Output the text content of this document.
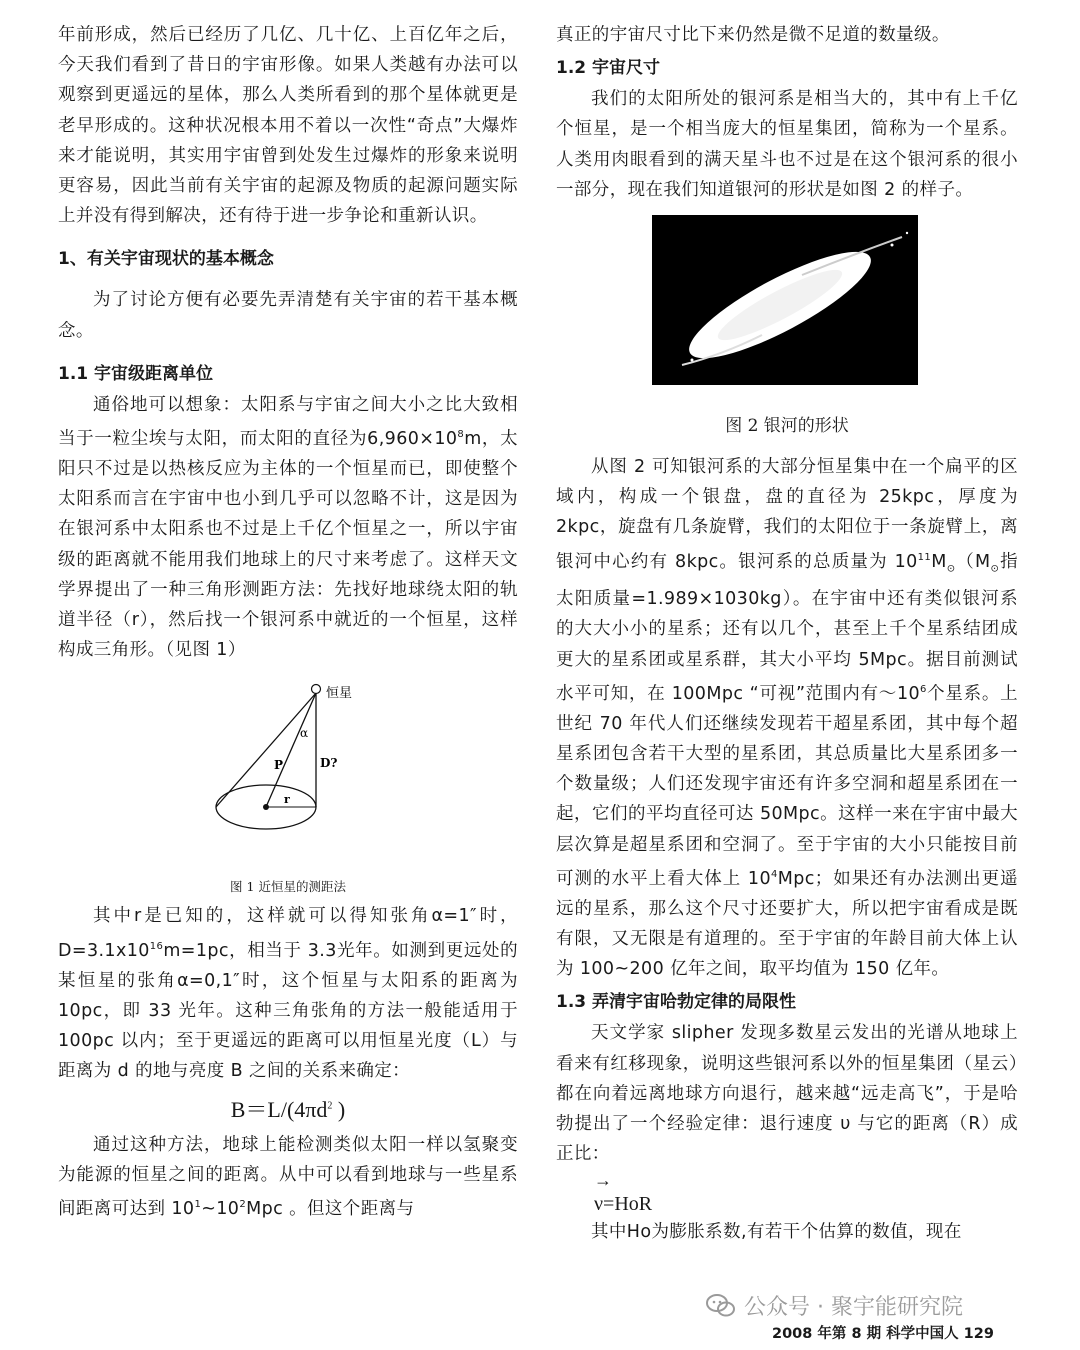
年前形成，然后已经历了几亿、几十亿、上百亿年之后，今天我们看到了昔日的宇宙形像。如果人类越有办法可以观察到更遥远的星体，那么人类所看到的那个星体就更是老早形成的。这种状况根本用不着以一次性“奇点”大爆炸来才能说明，其实用宇宙曾到处发生过爆炸的形象来说明更容易，因此当前有关宇宙的起源及物质的起源问题实际上并没有得到解决，还有待于进一步争论和重新认识。

1、有关宇宙现状的基本概念

为了讨论方便有必要先弄清楚有关宇宙的若干基本概念。

1.1 宇宙级距离单位

通俗地可以想象：太阳系与宇宙之间大小之比大致相当于一粒尘埃与太阳，而太阳的直径为$6,960\times 10^8m$，太阳只不过是以热核反应为主体的一个恒星而已，即使整个太阳系而言在宇宙中也小到几乎可以忽略不计，这是因为在银河系中太阳系也不过是上千亿个恒星之一，所以宇宙级的距离就不能用我们地球上的尺寸来考虑了。这样天文学界提出了一种三角形测距方法：先找好地球绕太阳的轨道半径（r），然后找一个银河系中就近的一个恒星，这样构成三角形。（见图 1）

恒星
α
P	D?
r
图 1 近恒星的测距法

其中r是已知的，这样就可以得知张角α=1″时，$D=3.1x10^{16}m=1pc$，相当于 3.3光年。如测到更远处的某恒星的张角α=0,1″时，这个恒星与太阳系的距离为 10pc，即 33 光年。这种三角张角的方法一般能适用于 100pc 以内；至于更遥远的距离可以用恒星光度（L）与距离为 d 的地与亮度 B 之间的关系来确定：

$B=L/(4\pi d^2$ )

通过这种方法，地球上能检测类似太阳一样以氢聚变为能源的恒星之间的距离。从中可以看到地球与一些星系间距离可达到 $10^1\sim 10^2Mpc$ 。但这个距离与

真正的宇宙尺寸比下来仍然是微不足道的数量级。

1.2 宇宙尺寸

我们的太阳所处的银河系是相当大的，其中有上千亿个恒星，是一个相当庞大的恒星集团，简称为一个星系。人类用肉眼看到的满天星斗也不过是在这个银河系的很小一部分，现在我们知道银河的形状是如图 2 的样子。

图 2 银河的形状

从图 2 可知银河系的大部分恒星集中在一个扁平的区域内，构成一个银盘，盘的直径为 25kpc，厚度为 2kpc，旋盘有几条旋臂，我们的太阳位于一条旋臂上，离银河中心约有 8kpc。银河系的总质量为 $10^{11}M_⊙(M_⊙$指太阳质量=1.989×1030kg）。在宇宙中还有类似银河系的大大小小的星系；还有以几个，甚至上千个星系结团成更大的星系团或星系群，其大小平均 5Mpc。据目前测试水平可知，在 100Mpc “可视”范围内有$\sim 10^6$个星系。上世纪 70 年代人们还继续发现若干超星系团，其中每个超星系团包含若干大型的星系团，其总质量比大星系团多一个数量级；人们还发现宇宙还有许多空洞和超星系团在一起，它们的平均直径可达 50Mpc。这样一来在宇宙中最大层次算是超星系团和空洞了。至于宇宙的大小只能按目前可测的水平上看大体上 $10^4Mpc$；如果还有办法测出更遥远的星系，那么这个尺寸还要扩大，所以把宇宙看成是既有限，又无限是有道理的。至于宇宙的年龄目前大体上认为 100~200 亿年之间，取平均值为 150 亿年。

1.3 弄清宇宙哈勃定律的局限性

天文学家 slipher 发现多数星云发出的光谱从地球上看来有红移现象，说明这些银河系以外的恒星集团（星云）都在向着远离地球方向退行，越来越“远走高飞”，于是哈勃提出了一个经验定律：退行速度 υ 与它的距离（R）成正比：

→
ν=HoR

其中Ho为膨胀系数,有若干个估算的数值，现在

公众号 · 聚宇能研究院
2008 年第 8 期 科学中国人 129
